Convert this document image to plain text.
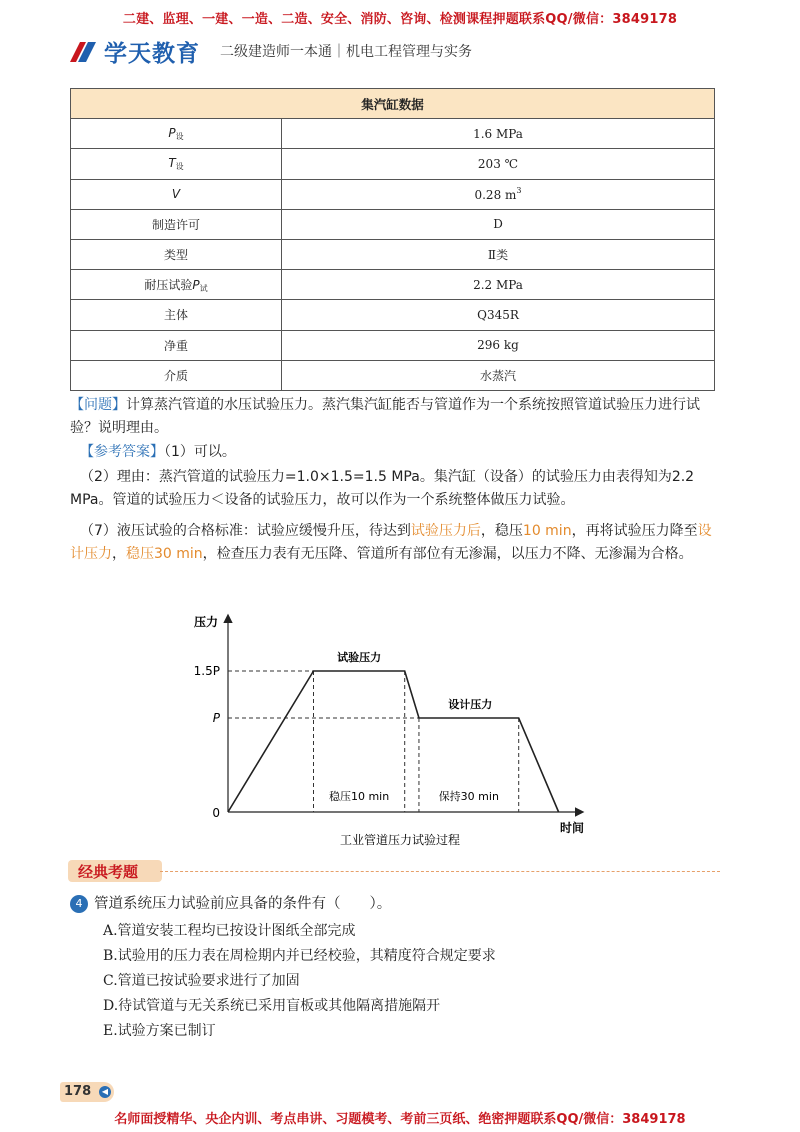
二建、监理、一建、一造、二造、安全、消防、咨询、检测课程押题联系QQ/微信：3849178
学天教育 二级建造师一本通｜机电工程管理与实务
集汽缸数据	
$P_设$	1.6 MPa
$T_设$	203 ℃
V	0.28 $m^3$
制造许可	D
类型	Ⅱ类
耐压试验$P_试$	2.2 MPa
主体	Q345R
净重	296 kg
介质	水蒸汽
【问题】计算蒸汽管道的水压试验压力。蒸汽集汽缸能否与管道作为一个系统按照管道试验压力进行试验？说明理由。
【参考答案】（1）可以。
（2）理由：蒸汽管道的试验压力=1.0×1.5=1.5 MPa。集汽缸（设备）的试验压力由表得知为2.2 MPa。管道的试验压力＜设备的试验压力，故可以作为一个系统整体做压力试验。
（7）液压试验的合格标准：试验应缓慢升压，待达到试验压力后，稳压10 min，再将试验压力降至设计压力，稳压30 min，检查压力表有无压降、管道所有部位有无渗漏，以压力不降、无渗漏为合格。
0
P
1.5P
压力
时间
试验压力
设计压力
稳压10 min	保持30 min
工业管道压力试验过程
经典考题
4 管道系统压力试验前应具备的条件有（　　）。
A.管道安装工程均已按设计图纸全部完成
B.试验用的压力表在周检期内并已经校验，其精度符合规定要求
C.管道已按试验要求进行了加固
D.待试管道与无关系统已采用盲板或其他隔离措施隔开
E.试验方案已制订
178	◀
名师面授精华、央企内训、考点串讲、习题模考、考前三页纸、绝密押题联系QQ/微信：3849178
